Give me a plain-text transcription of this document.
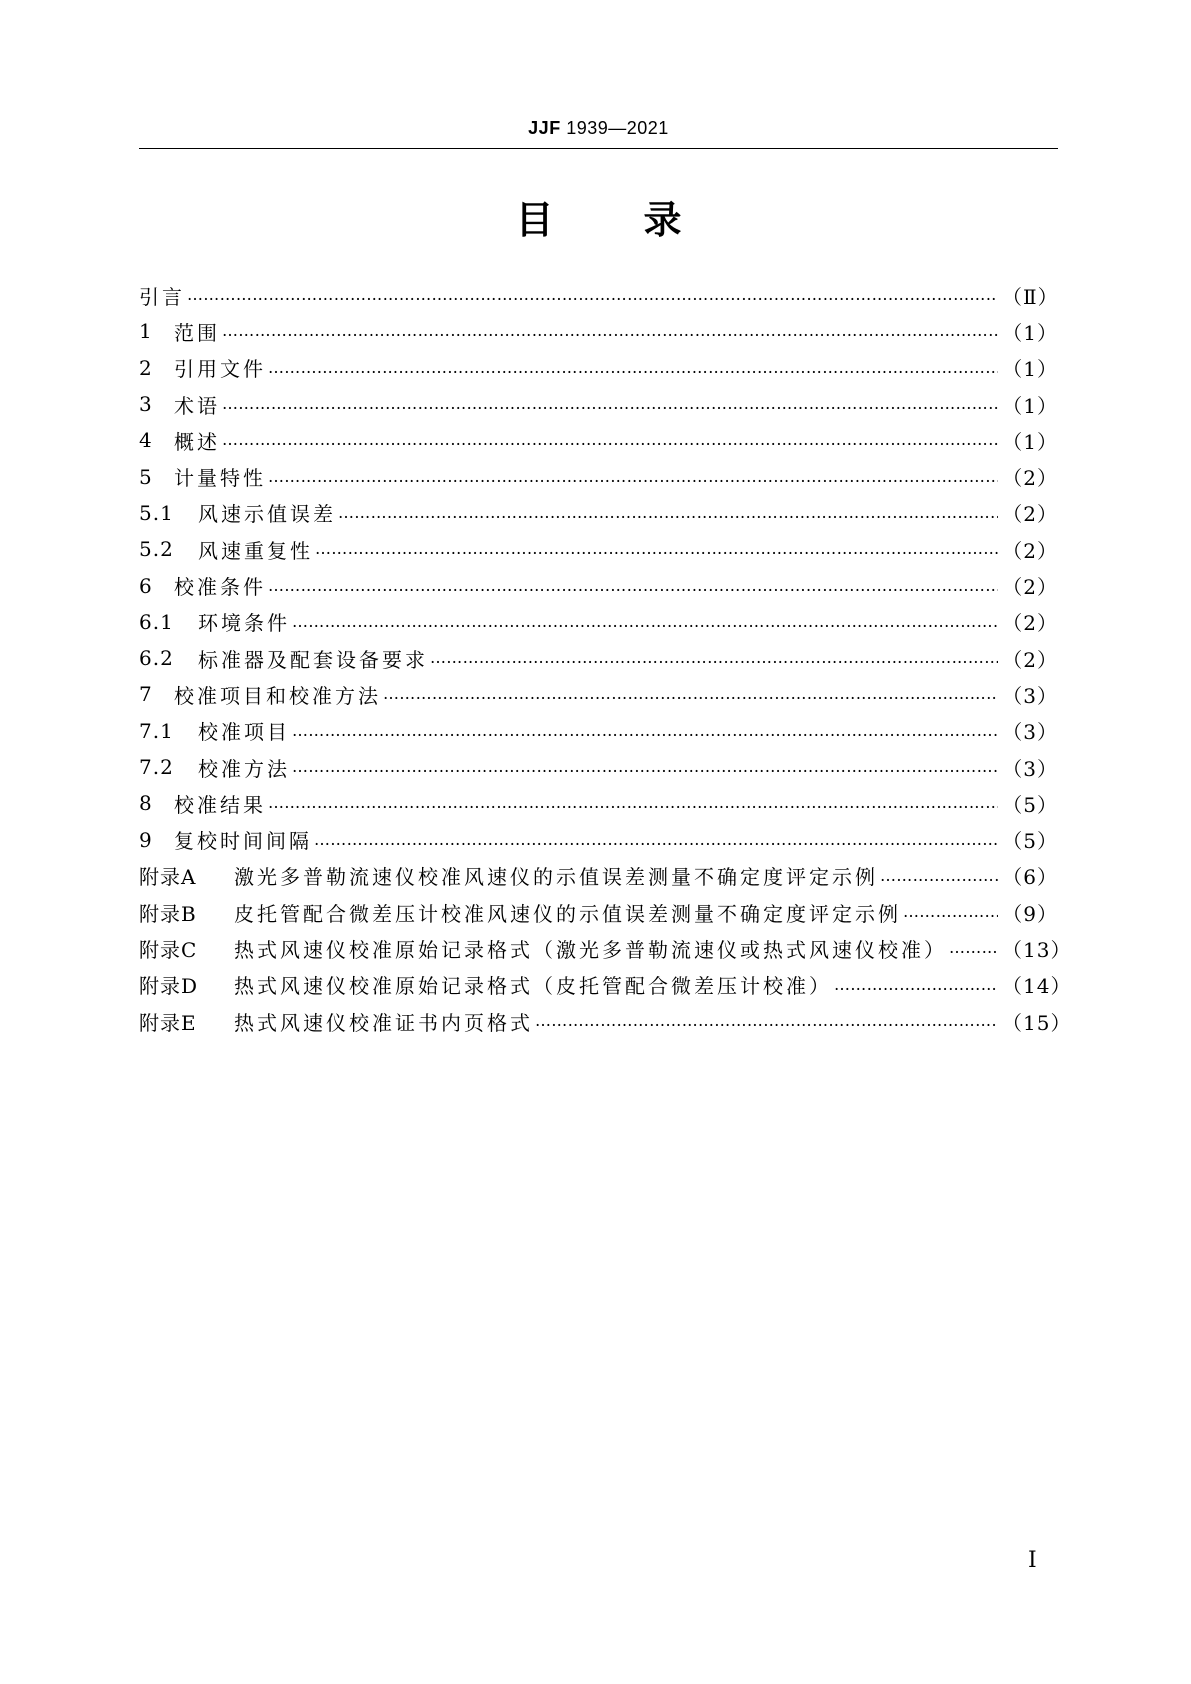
JJF 1939—2021
目 录
引言 …………………………………………………………………………………………………………………………………………………………………………………………………………………………………………………………	（Ⅱ）
1	范围 …………………………………………………………………………………………………………………………………………………………………………………………………………………………………………………………	（1）
2	引用文件 …………………………………………………………………………………………………………………………………………………………………………………………………………………………………………………………	（1）
3	术语 …………………………………………………………………………………………………………………………………………………………………………………………………………………………………………………………	（1）
4	概述 …………………………………………………………………………………………………………………………………………………………………………………………………………………………………………………………	（1）
5	计量特性 …………………………………………………………………………………………………………………………………………………………………………………………………………………………………………………………	（2）
5.1	风速示值误差 …………………………………………………………………………………………………………………………………………………………………………………………………………………………………………………………	（2）
5.2	风速重复性 …………………………………………………………………………………………………………………………………………………………………………………………………………………………………………………………	（2）
6	校准条件 …………………………………………………………………………………………………………………………………………………………………………………………………………………………………………………………	（2）
6.1	环境条件 …………………………………………………………………………………………………………………………………………………………………………………………………………………………………………………………	（2）
6.2	标准器及配套设备要求 …………………………………………………………………………………………………………………………………………………………………………………………………………………………………………………………	（2）
7	校准项目和校准方法 …………………………………………………………………………………………………………………………………………………………………………………………………………………………………………………………	（3）
7.1	校准项目 …………………………………………………………………………………………………………………………………………………………………………………………………………………………………………………………	（3）
7.2	校准方法 …………………………………………………………………………………………………………………………………………………………………………………………………………………………………………………………	（3）
8	校准结果 …………………………………………………………………………………………………………………………………………………………………………………………………………………………………………………………	（5）
9	复校时间间隔 …………………………………………………………………………………………………………………………………………………………………………………………………………………………………………………………	（5）
附录A	激光多普勒流速仪校准风速仪的示值误差测量不确定度评定示例 …………………………………………………………………………………………………………………………………………………………………………………………………………………………………………………………	（6）
附录B	皮托管配合微差压计校准风速仪的示值误差测量不确定度评定示例 …………………………………………………………………………………………………………………………………………………………………………………………………………………………………………………………	（9）
附录C	热式风速仪校准原始记录格式（激光多普勒流速仪或热式风速仪校准） …………………………………………………………………………………………………………………………………………………………………………………………………………………………………………………………	（13）
附录D	热式风速仪校准原始记录格式（皮托管配合微差压计校准） …………………………………………………………………………………………………………………………………………………………………………………………………………………………………………………………	（14）
附录E	热式风速仪校准证书内页格式 …………………………………………………………………………………………………………………………………………………………………………………………………………………………………………………………	（15）
Ⅰ
